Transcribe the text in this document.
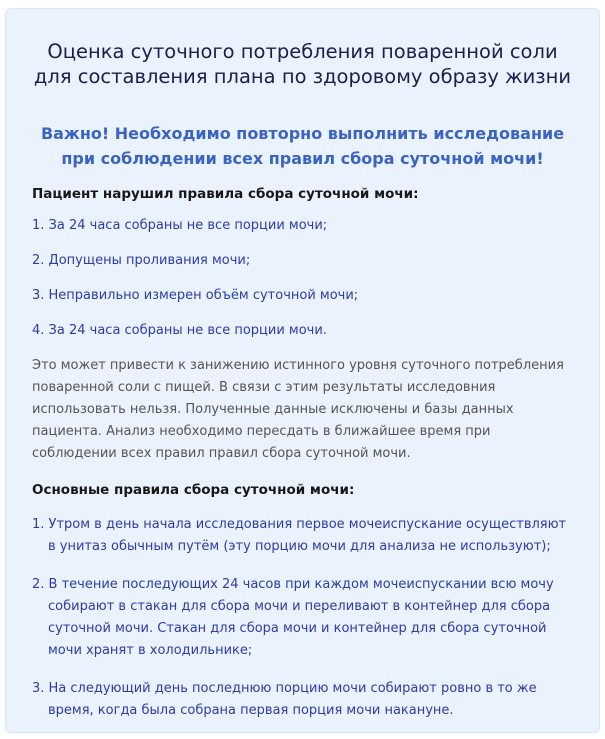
Оценка суточного потребления поваренной соли для составления плана по здоровому образу жизни

Важно! Необходимо повторно выполнить исследование при соблюдении всех правил сбора суточной мочи!

Пациент нарушил правила сбора суточной мочи:

1. За 24 часа собраны не все порции мочи;
2. Допущены проливания мочи;
3. Неправильно измерен объём суточной мочи;
4. За 24 часа собраны не все порции мочи.

Это может привести к занижению истинного уровня суточного потребления поваренной соли с пищей. В связи с этим результаты исследовния использовать нельзя. Полученные данные исключены и базы данных пациента. Анализ необходимо пересдать в ближайшее время при соблюдении всех правил правил сбора суточной мочи.

Основные правила сбора суточной мочи:

1. Утром в день начала исследования первое мочеиспускание осуществляют в унитаз обычным путём (эту порцию мочи для анализа не используют);
2. В течение последующих 24 часов при каждом мочеиспускании всю мочу собирают в стакан для сбора мочи и переливают в контейнер для сбора суточной мочи. Стакан для сбора мочи и контейнер для сбора суточной мочи хранят в холодильнике;
3. На следующий день последнюю порцию мочи собирают ровно в то же время, когда была собрана первая порция мочи накануне.
